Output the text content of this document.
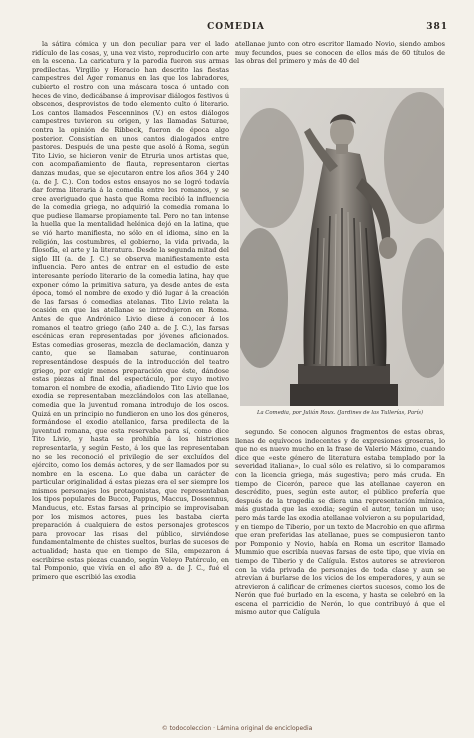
COMEDIA	381

la sátira cómica y un don peculiar para ver el lado ridículo de las cosas, y, una vez visto, reproducirlo con arte en la escena. La caricatura y la parodia fueron sus armas predilectas. Virgilio y Horacio han descrito las fiestas campestres del Ager romanus en las que los labradores, cubierto el rostro con una máscara tosca ó untado con heces de vino, dedicábanse á improvisar diálogos festivos ú obscenos, desprovistos de todo elemento culto ó literario. Los cantos llamados Fescenninos (V.) en estos diálogos campestres tuvieron su origen, y las llamadas Saturae, contra la opinión de Ribbeck, fueron de época algo posterior. Consistían en unos cantos dialogados entre pastores. Después de una peste que asoló á Roma, según Tito Livio, se hicieron venir de Etruria unos artistas que, con acompañamiento de flauta, representaron ciertas danzas mudas, que se ejecutaron entre los años 364 y 240 (a. de J. C.). Con todos estos ensayos no se logró todavía dar forma literaria á la comedia entre los romanos, y se cree averiguado que hasta que Roma recibió la influencia de la comedia griega, no adquirió la comedia romana lo que pudiese llamarse propiamente tal. Pero no tan intense la huella que la mentalidad helénica dejó en la latina, que se vió harto manifiesta, no sólo en el idioma, sino en la religión, las costumbres, el gobierno, la vida privada, la filosofía, el arte y la literatura. Desde la segunda mitad del siglo III (a. de J. C.) se observa manifiestamente esta influencia. Pero antes de entrar en el estudio de este interesante período literario de la comedia latina, hay que exponer cómo la primitiva satura, ya desde antes de esta época, tomó el nombre de exodo y dió lugar á la creación de las farsas ó comedias atelanas. Tito Livio relata la ocasión en que las atellanae se introdujeron en Roma. Antes de que Andrónico Livio diese á conocer á los romanos el teatro griego (año 240 a. de J. C.), las farsas escénicas eran representadas por jóvenes aficionados. Estas comedias groseras, mezcla de declamación, danza y canto, que se llamaban saturae, continuaron representándose después de la introducción del teatro griego, por exigir menos preparación que éste, dándose estas piezas al final del espectáculo, por cuyo motivo tomaron el nombre de exodia, añadiendo Tito Livio que los exodia se representaban mezclándolos con las atellanae, comedia que la juventud romana introdujo de los oscos. Quizá en un principio no fundieron en uno los dos géneros, formándose el exodio atellanico, farsa predilecta de la juventud romana, que esta reservaba para sí, como dice Tito Livio, y hasta se prohibía á los histriones representarla, y según Festo, á los que las representaban no se les reconoció el privilegio de ser excluídos del ejército, como los demás actores, y de ser llamados por su nombre en la escena. Lo que daba un carácter de particular originalidad á estas piezas era el ser siempre los mismos personajes los protagonistas, que representaban los tipos populares de Bucco, Pappus, Maccus, Dossennus, Manducus, etc. Estas farsas al principio se improvisaban por los mismos actores, pues les bastaba cierta preparación á cualquiera de estos personajes grotescos para provocar las risas del público, sirviéndose fundamentalmente de chistes sueltos, burlas de sucesos de actualidad; hasta que en tiempo de Sila, empezaron á escribirse estas piezas cuando, según Veleyo Patérculo, en tal Pomponio, que vivía en el año 89 a. de J. C., fué el primero que escribió las exodia

atellanae junto con otro escritor llamado Novio, siendo ambos muy fecundos, pues se conocen de ellos más de 60 títulos de las obras del primero y más de 40 del

La Comedia, por Julián Roux. (Jardines de las Tullerías, París)

segundo. Se conocen algunos fragmentos de estas obras, llenas de equívocos indecentes y de expresiones groseras, lo que no es nuevo mucho en la frase de Valerio Máximo, cuando dice que «este género de literatura estaba templado por la severidad italiana», lo cual sólo es relativo, si lo comparamos con la licencia griega, más sugestiva; pero más cruda. En tiempo de Cicerón, parece que las atellanae cayeron en descrédito, pues, según este autor, el público prefería que después de la tragedia se diera una representación mímica, más gustada que las exodia; según el autor, tenían un uso; pero más tarde las exodia atellanae volvieron a su popularidad, y en tiempo de Tiberio, por un texto de Macrobio en que afirma que eran preferidas las atellanae, pues se compusieron tanto por Pomponio y Novio, había en Roma un escritor llamado Mummio que escribía nuevas farsas de este tipo, que vivía en tiempo de Tiberio y de Calígula. Estos autores se atrevieron con la vida privada de personajes de toda clase y aun se atrevían á burlarse de los vicios de los emperadores, y aun se atrevieron á calificar de crímenes ciertos sucesos, como los de Nerón que fué burlado en la escena, y hasta se celebró en la escena el parricidio de Nerón, lo que contribuyó á que el mismo autor que Calígula

© todocoleccion · Lámina original de enciclopedia
